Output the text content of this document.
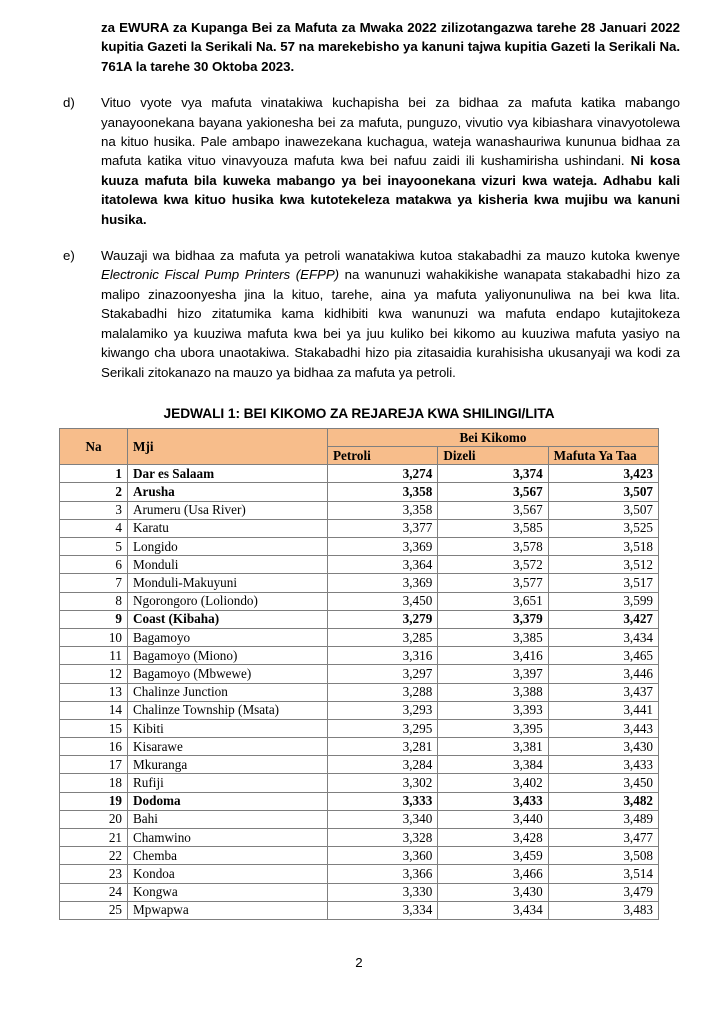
za EWURA za Kupanga Bei za Mafuta za Mwaka 2022 zilizotangazwa tarehe 28 Januari 2022 kupitia Gazeti la Serikali Na. 57 na marekebisho ya kanuni tajwa kupitia Gazeti la Serikali Na. 761A la tarehe 30 Oktoba 2023.

d)	Vituo vyote vya mafuta vinatakiwa kuchapisha bei za bidhaa za mafuta katika mabango yanayoonekana bayana yakionesha bei za mafuta, punguzo, vivutio vya kibiashara vinavyotolewa na kituo husika. Pale ambapo inawezekana kuchagua, wateja wanashauriwa kununua bidhaa za mafuta katika vituo vinavyouza mafuta kwa bei nafuu zaidi ili kushamirisha ushindani. Ni kosa kuuza mafuta bila kuweka mabango ya bei inayoonekana vizuri kwa wateja. Adhabu kali itatolewa kwa kituo husika kwa kutotekeleza matakwa ya kisheria kwa mujibu wa kanuni husika.
e)	Wauzaji wa bidhaa za mafuta ya petroli wanatakiwa kutoa stakabadhi za mauzo kutoka kwenye Electronic Fiscal Pump Printers (EFPP) na wanunuzi wahakikishe wanapata stakabadhi hizo za malipo zinazoonyesha jina la kituo, tarehe, aina ya mafuta yaliyonunuliwa na bei kwa lita. Stakabadhi hizo zitatumika kama kidhibiti kwa wanunuzi wa mafuta endapo kutajitokeza malalamiko ya kuuziwa mafuta kwa bei ya juu kuliko bei kikomo au kuuziwa mafuta yasiyo na kiwango cha ubora unaotakiwa. Stakabadhi hizo pia zitasaidia kurahisisha ukusanyaji wa kodi za Serikali zitokanazo na mauzo ya bidhaa za mafuta ya petroli.
JEDWALI 1: BEI KIKOMO ZA REJAREJA KWA SHILINGI/LITA
Na	Mji	Bei Kikomo		
		Petroli	Dizeli	Mafuta Ya Taa
1	Dar es Salaam	3,274	3,374	3,423
2	Arusha	3,358	3,567	3,507
3	Arumeru (Usa River)	3,358	3,567	3,507
4	Karatu	3,377	3,585	3,525
5	Longido	3,369	3,578	3,518
6	Monduli	3,364	3,572	3,512
7	Monduli-Makuyuni	3,369	3,577	3,517
8	Ngorongoro (Loliondo)	3,450	3,651	3,599
9	Coast (Kibaha)	3,279	3,379	3,427
10	Bagamoyo	3,285	3,385	3,434
11	Bagamoyo (Miono)	3,316	3,416	3,465
12	Bagamoyo (Mbwewe)	3,297	3,397	3,446
13	Chalinze Junction	3,288	3,388	3,437
14	Chalinze Township (Msata)	3,293	3,393	3,441
15	Kibiti	3,295	3,395	3,443
16	Kisarawe	3,281	3,381	3,430
17	Mkuranga	3,284	3,384	3,433
18	Rufiji	3,302	3,402	3,450
19	Dodoma	3,333	3,433	3,482
20	Bahi	3,340	3,440	3,489
21	Chamwino	3,328	3,428	3,477
22	Chemba	3,360	3,459	3,508
23	Kondoa	3,366	3,466	3,514
24	Kongwa	3,330	3,430	3,479
25	Mpwapwa	3,334	3,434	3,483
2
